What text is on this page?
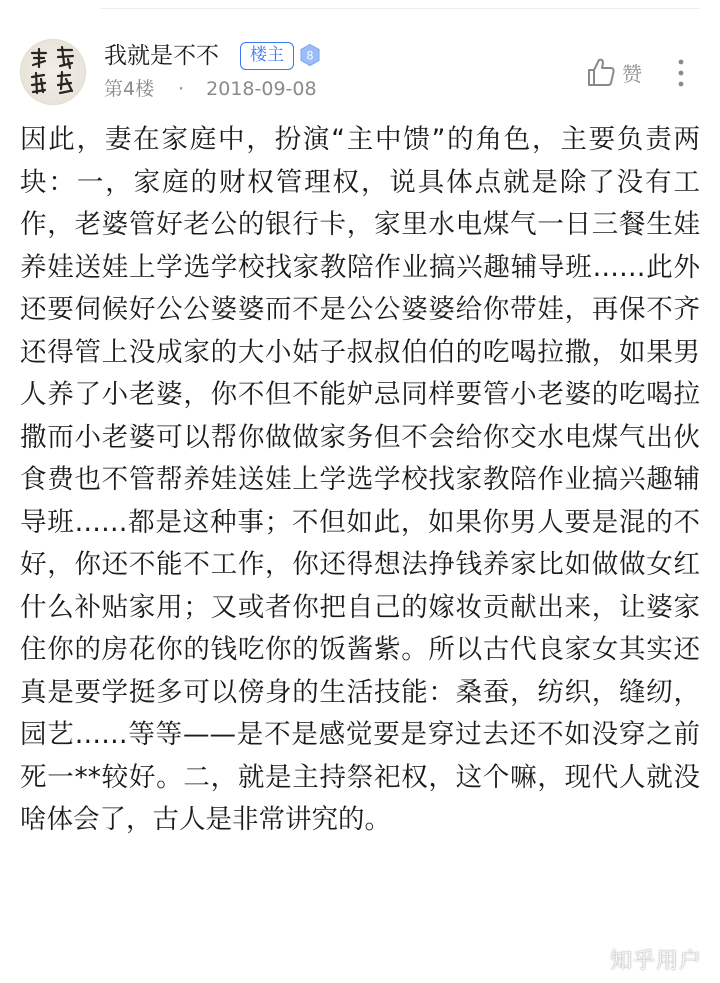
我就是不不	楼主	8
第4楼 · 2018-09-08
赞

因此，妻在家庭中，扮演“主中馈”的角色，主要负责两块：一，家庭的财权管理权，说具体点就是除了没有工作，老婆管好老公的银行卡，家里水电煤气一日三餐生娃养娃送娃上学选学校找家教陪作业搞兴趣辅导班……此外还要伺候好公公婆婆而不是公公婆婆给你带娃，再保不齐还得管上没成家的大小姑子叔叔伯伯的吃喝拉撒，如果男人养了小老婆，你不但不能妒忌同样要管小老婆的吃喝拉撒而小老婆可以帮你做做家务但不会给你交水电煤气出伙食费也不管帮养娃送娃上学选学校找家教陪作业搞兴趣辅导班……都是这种事；不但如此，如果你男人要是混的不好，你还不能不工作，你还得想法挣钱养家比如做做女红什么补贴家用；又或者你把自己的嫁妆贡献出来，让婆家住你的房花你的钱吃你的饭酱紫。所以古代良家女其实还真是要学挺多可以傍身的生活技能：桑蚕，纺织，缝纫，园艺……等等——是不是感觉要是穿过去还不如没穿之前死一**较好。二，就是主持祭祀权，这个嘛，现代人就没啥体会了，古人是非常讲究的。

知乎用户
